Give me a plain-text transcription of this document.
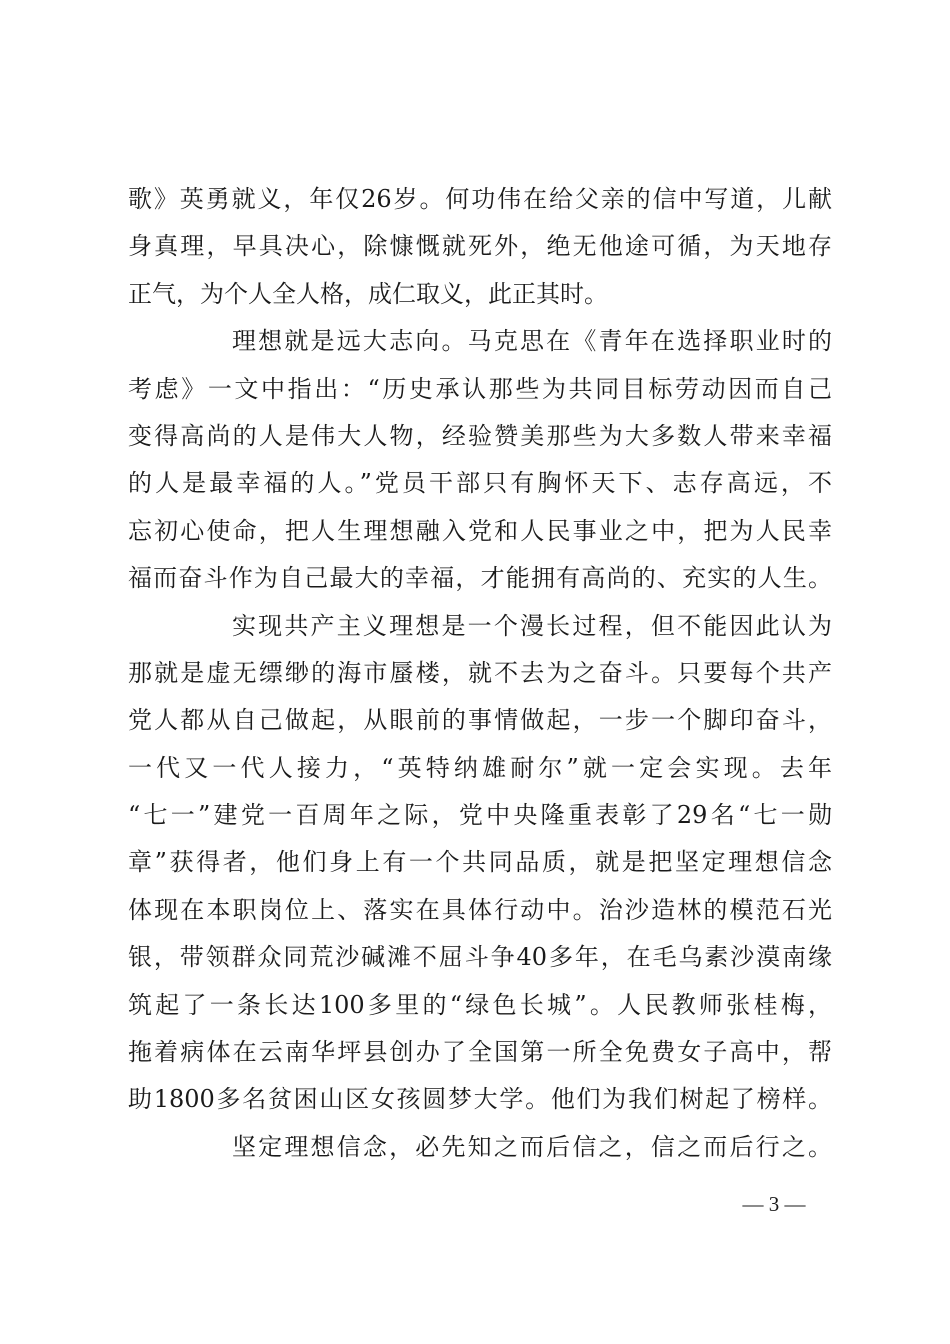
歌》英勇就义，年仅26岁。何功伟在给父亲的信中写道，儿献
身真理，早具决心，除慷慨就死外，绝无他途可循，为天地存
正气，为个人全人格，成仁取义，此正其时。
理想就是远大志向。马克思在《青年在选择职业时的
考虑》一文中指出：“历史承认那些为共同目标劳动因而自己
变得高尚的人是伟大人物，经验赞美那些为大多数人带来幸福
的人是最幸福的人。”党员干部只有胸怀天下、志存高远，不
忘初心使命，把人生理想融入党和人民事业之中，把为人民幸
福而奋斗作为自己最大的幸福，才能拥有高尚的、充实的人生。
实现共产主义理想是一个漫长过程，但不能因此认为
那就是虚无缥缈的海市蜃楼，就不去为之奋斗。只要每个共产
党人都从自己做起，从眼前的事情做起，一步一个脚印奋斗，
一代又一代人接力，“英特纳雄耐尔”就一定会实现。去年
“七一”建党一百周年之际，党中央隆重表彰了29名“七一勋
章”获得者，他们身上有一个共同品质，就是把坚定理想信念
体现在本职岗位上、落实在具体行动中。治沙造林的模范石光
银，带领群众同荒沙碱滩不屈斗争40多年，在毛乌素沙漠南缘
筑起了一条长达100多里的“绿色长城”。人民教师张桂梅，
拖着病体在云南华坪县创办了全国第一所全免费女子高中，帮
助1800多名贫困山区女孩圆梦大学。他们为我们树起了榜样。
坚定理想信念，必先知之而后信之，信之而后行之。
— 3 —
